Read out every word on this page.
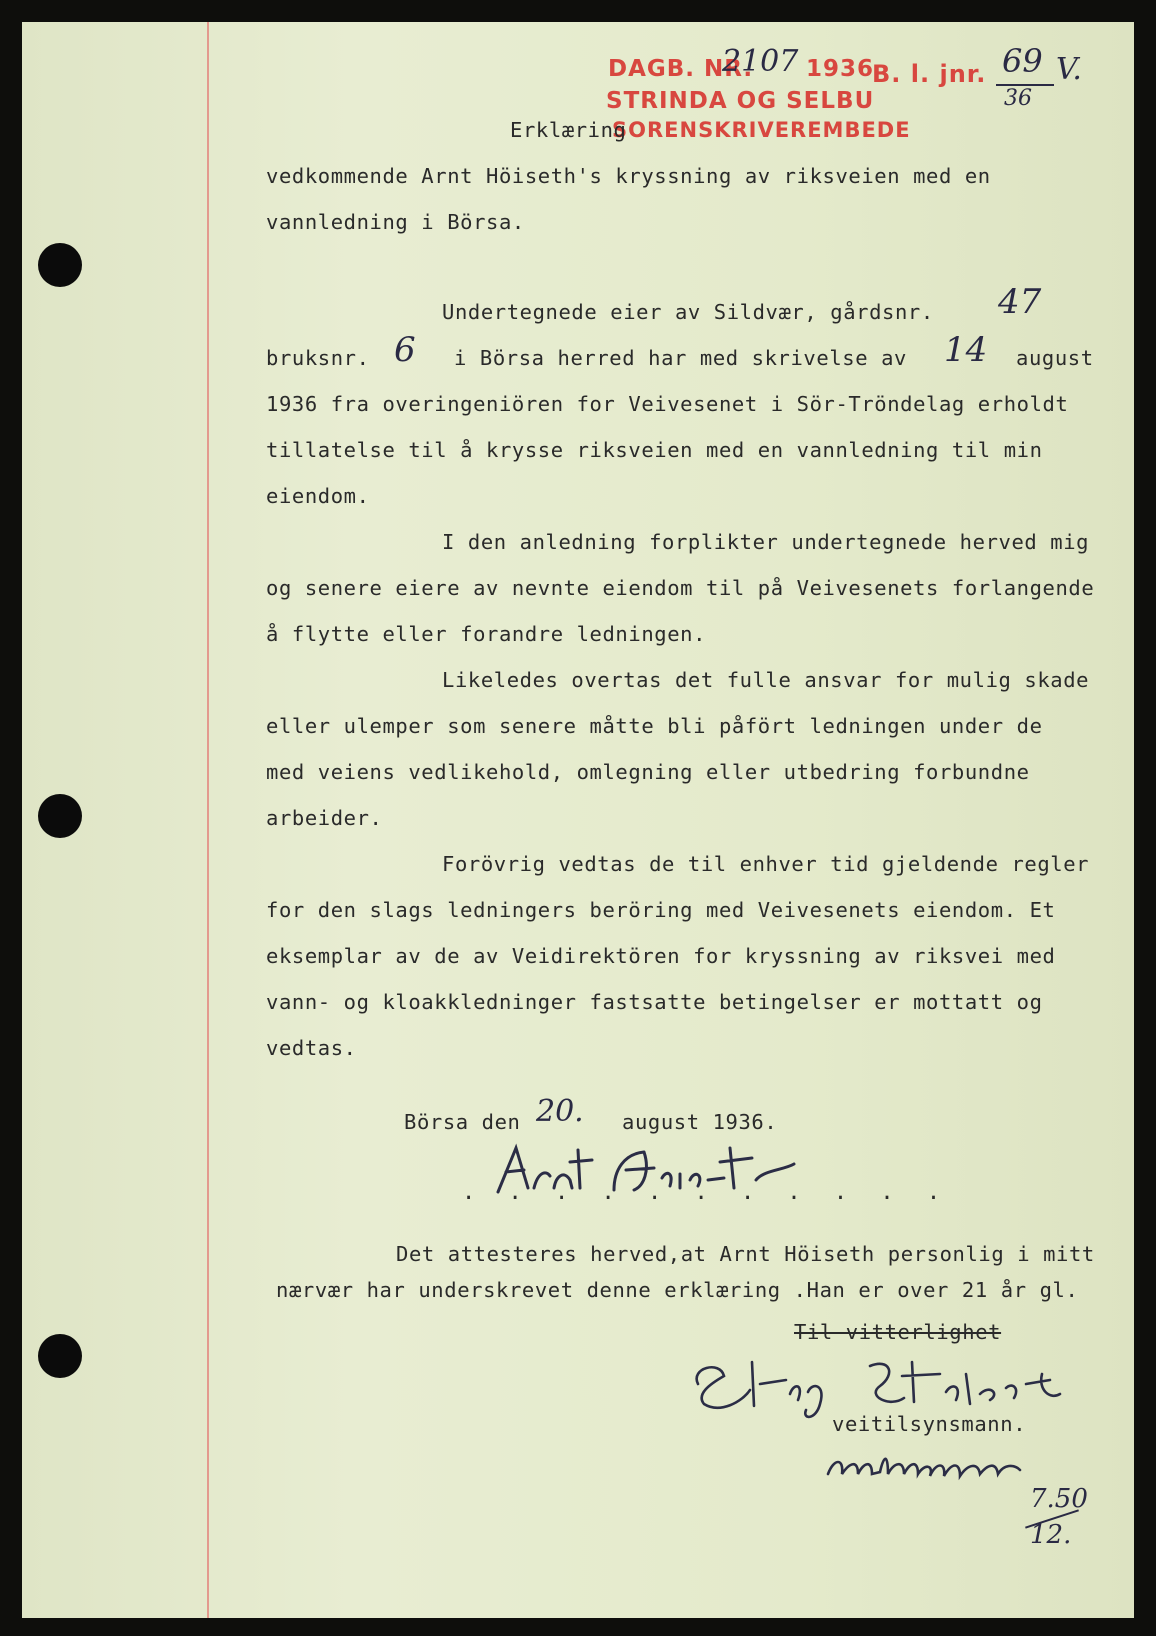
DAGB. NR.
2107 1936
STRINDA OG SELBU
SORENSKRIVEREMBEDE
B. l. jnr. 69
36
V.
Erklæring
vedkommende Arnt Höiseth's kryssning av riksveien med en
vannledning i Börsa.
Undertegnede eier av Sildvær, gårdsnr. 47
bruksnr. 6 i Börsa herred har med skrivelse av 14 august
1936 fra overingeniören for Veivesenet i Sör-Tröndelag erholdt
tillatelse til å krysse riksveien med en vannledning til min
eiendom.
I den anledning forplikter undertegnede herved mig
og senere eiere av nevnte eiendom til på Veivesenets forlangende
å flytte eller forandre ledningen.
Likeledes overtas det fulle ansvar for mulig skade
eller ulemper som senere måtte bli påfört ledningen under de
med veiens vedlikehold, omlegning eller utbedring forbundne
arbeider.
Forövrig vedtas de til enhver tid gjeldende regler
for den slags ledningers beröring med Veivesenets eiendom. Et
eksemplar av de av Veidirektören for kryssning av riksvei med
vann- og kloakkledninger fastsatte betingelser er mottatt og
vedtas.
Börsa den 20. august 1936.
. . . . . . . . . . .
Det attesteres herved,at Arnt Höiseth personlig i mitt
nærvær har underskrevet denne erklæring .Han er over 21 år gl.
Til vitterlighet
veitilsynsmann.
7.50
12.
